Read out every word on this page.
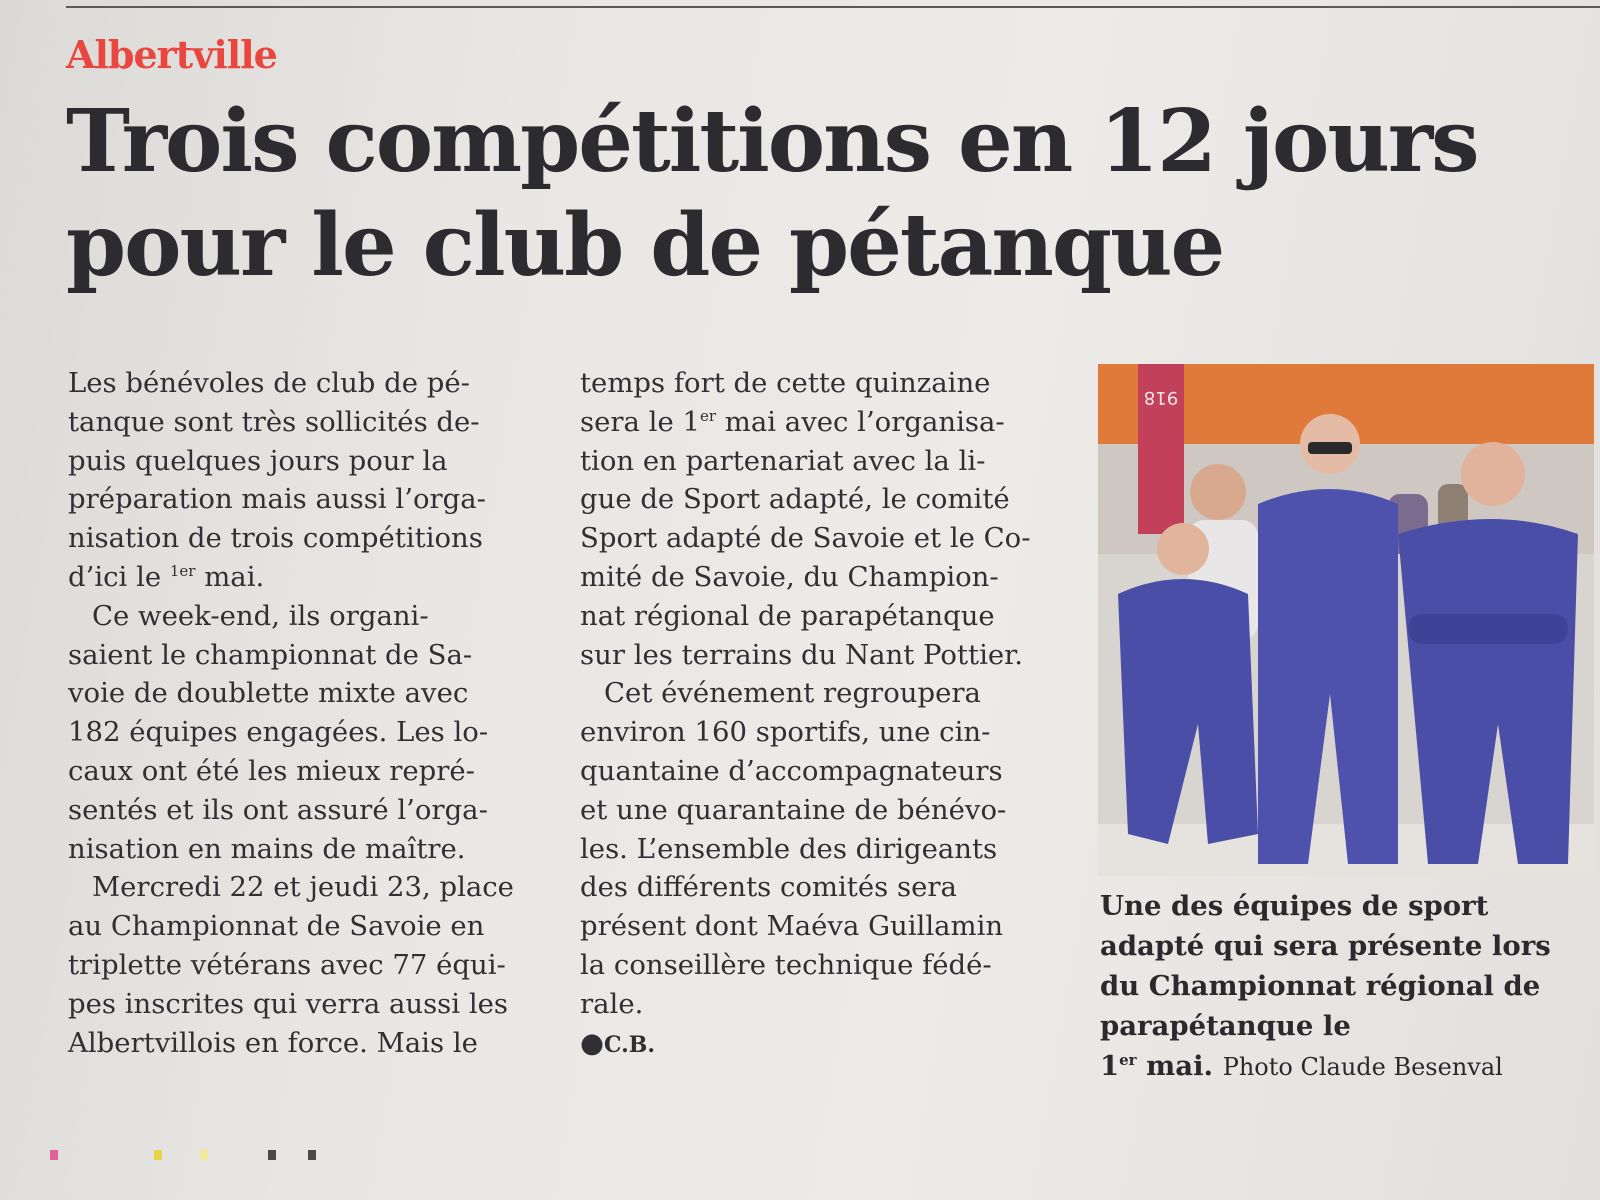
Albertville
Trois compétitions en 12 jours
pour le club de pétanque
Les bénévoles de club de pé-
tanque sont très sollicités de-
puis quelques jours pour la
préparation mais aussi l’orga-
nisation de trois compétitions
d’ici le $^{1er}$ mai.
Ce week-end, ils organi-
saient le championnat de Sa-
voie de doublette mixte avec
182 équipes engagées. Les lo-
caux ont été les mieux repré-
sentés et ils ont assuré l’orga-
nisation en mains de maître.
Mercredi 22 et jeudi 23, place
au Championnat de Savoie en
triplette vétérans avec 77 équi-
pes inscrites qui verra aussi les
Albertvillois en force. Mais le
temps fort de cette quinzaine
sera le 1er mai avec l’organisa-
tion en partenariat avec la li-
gue de Sport adapté, le comité
Sport adapté de Savoie et le Co-
mité de Savoie, du Champion-
nat régional de parapétanque
sur les terrains du Nant Pottier.
Cet événement regroupera
environ 160 sportifs, une cin-
quantaine d’accompagnateurs
et une quarantaine de bénévo-
les. L’ensemble des dirigeants
des différents comités sera
présent dont Maéva Guillamin
la conseillère technique fédé-
rale.
●C.B.
918
Une des équipes de sport
adapté qui sera présente lors
du Championnat régional de
parapétanque le
1er mai. Photo Claude Besenval
